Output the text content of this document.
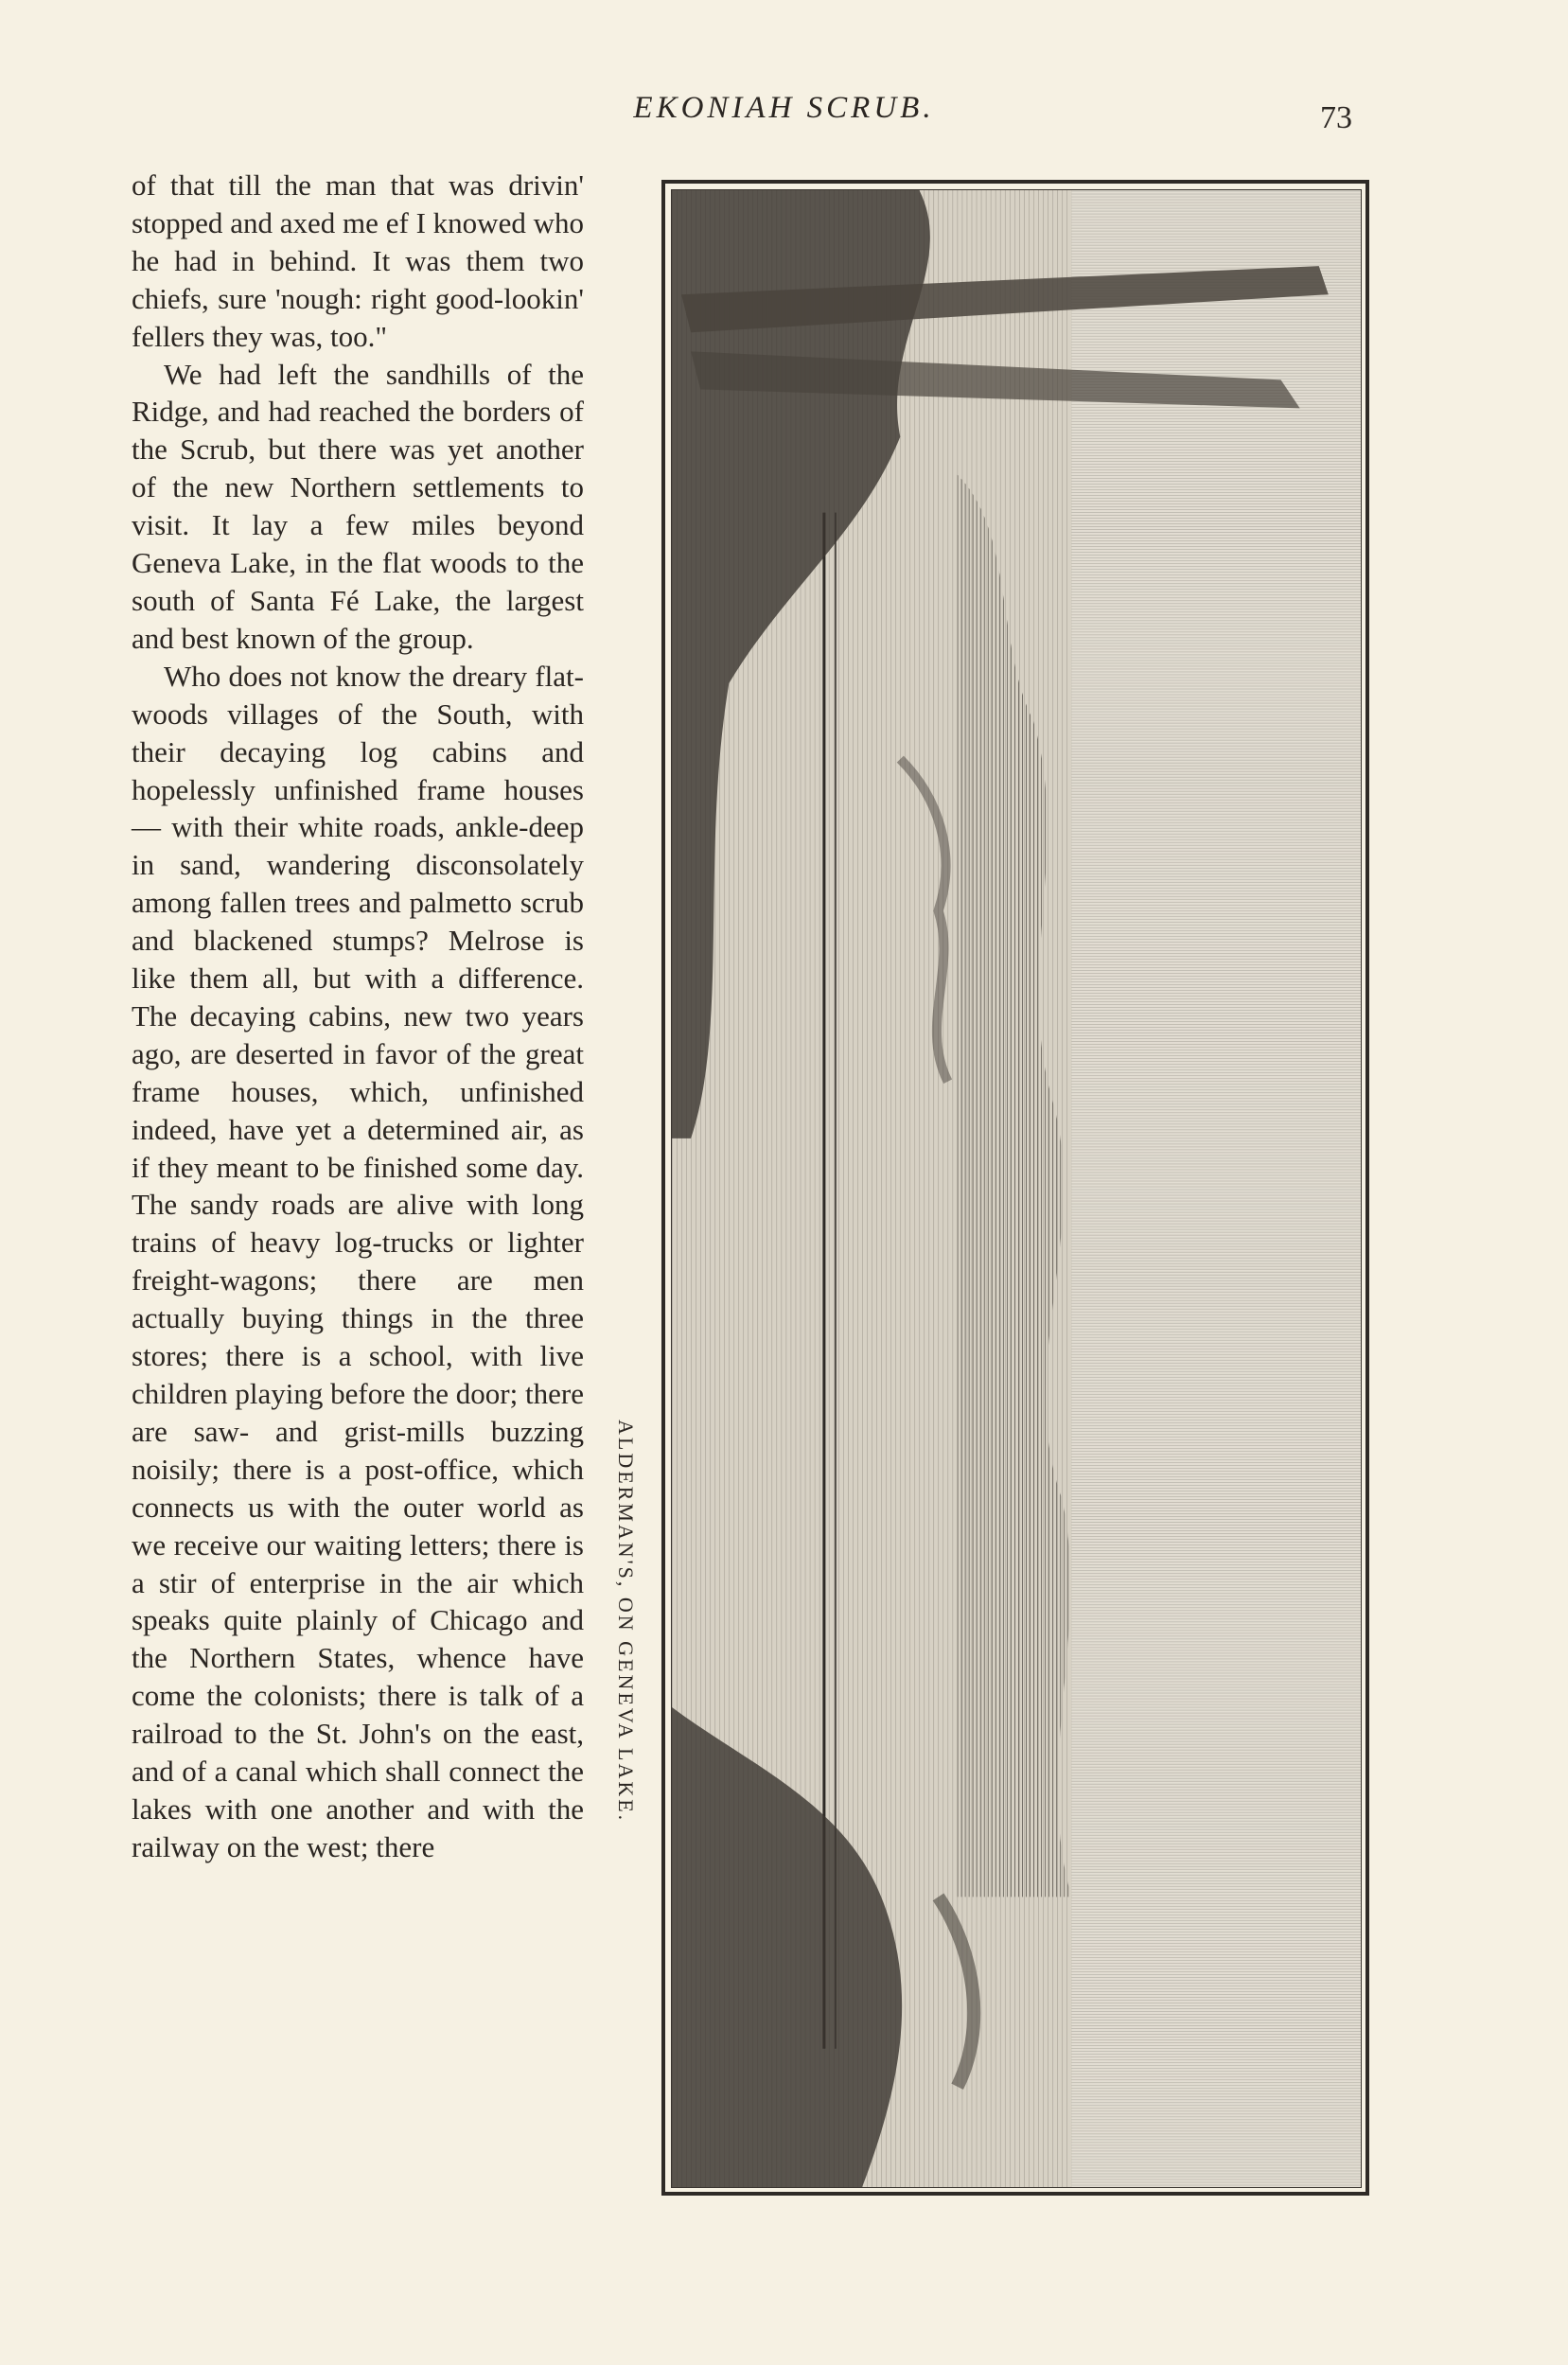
EKONIAH SCRUB.	73

of that till the man that was drivin' stopped and axed me ef I knowed who he had in behind. It was them two chiefs, sure 'nough: right good-lookin' fellers they was, too."

We had left the sandhills of the Ridge, and had reached the borders of the Scrub, but there was yet another of the new Northern settlements to visit. It lay a few miles beyond Geneva Lake, in the flat woods to the south of Santa Fé Lake, the largest and best known of the group.

Who does not know the dreary flat-woods villages of the South, with their decaying log cabins and hopelessly unfinished frame houses — with their white roads, ankle-deep in sand, wandering disconsolately among fallen trees and palmetto scrub and blackened stumps? Melrose is like them all, but with a difference. The decaying cabins, new two years ago, are deserted in favor of the great frame houses, which, unfinished indeed, have yet a determined air, as if they meant to be finished some day. The sandy roads are alive with long trains of heavy log-trucks or lighter freight-wagons; there are men actually buying things in the three stores; there is a school, with live children playing before the door; there are saw- and grist-mills buzzing noisily; there is a post-office, which connects us with the outer world as we receive our waiting letters; there is a stir of enterprise in the air which speaks quite plainly of Chicago and the Northern States, whence have come the colonists; there is talk of a railroad to the St. John's on the east, and of a canal which shall connect the lakes with one another and with the railway on the west; there

ALDERMAN'S, ON GENEVA LAKE.
